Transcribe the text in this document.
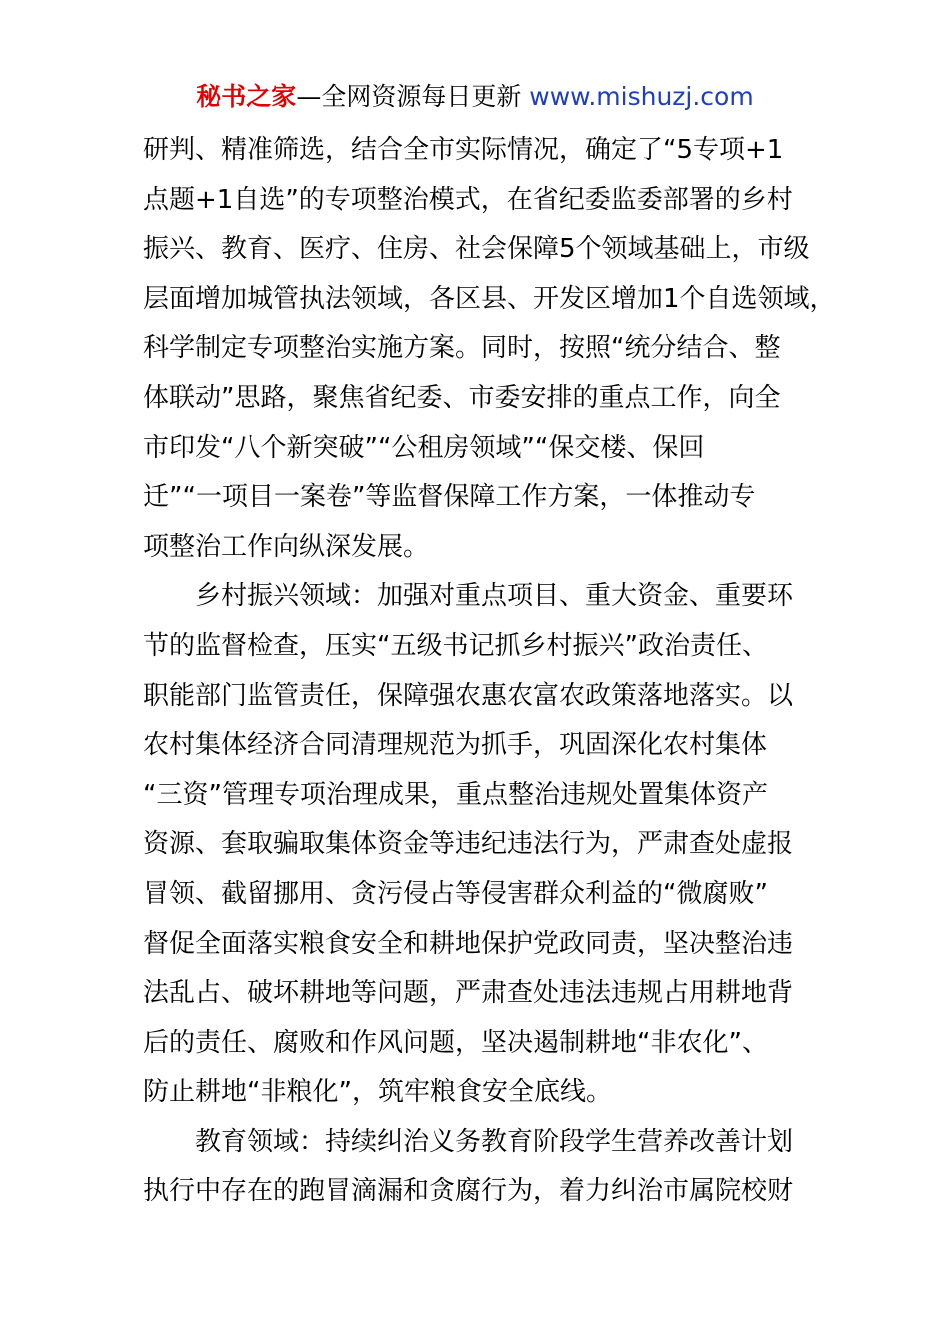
秘书之家—全网资源每日更新 www.mishuzj.com
研判、精准筛选，结合全市实际情况，确定了“5专项+1
点题+1自选”的专项整治模式，在省纪委监委部署的乡村
振兴、教育、医疗、住房、社会保障5个领域基础上，市级
层面增加城管执法领域，各区县、开发区增加1个自选领域，
科学制定专项整治实施方案。同时，按照“统分结合、整
体联动”思路，聚焦省纪委、市委安排的重点工作，向全
市印发“八个新突破”“公租房领域”“保交楼、保回
迁”“一项目一案卷”等监督保障工作方案，一体推动专
项整治工作向纵深发展。
　　乡村振兴领域：加强对重点项目、重大资金、重要环
节的监督检查，压实“五级书记抓乡村振兴”政治责任、
职能部门监管责任，保障强农惠农富农政策落地落实。以
农村集体经济合同清理规范为抓手，巩固深化农村集体
“三资”管理专项治理成果，重点整治违规处置集体资产
资源、套取骗取集体资金等违纪违法行为，严肃查处虚报
冒领、截留挪用、贪污侵占等侵害群众利益的“微腐败”
督促全面落实粮食安全和耕地保护党政同责，坚决整治违
法乱占、破坏耕地等问题，严肃查处违法违规占用耕地背
后的责任、腐败和作风问题，坚决遏制耕地“非农化”、
防止耕地“非粮化”，筑牢粮食安全底线。
　　教育领域：持续纠治义务教育阶段学生营养改善计划
执行中存在的跑冒滴漏和贪腐行为，着力纠治市属院校财
